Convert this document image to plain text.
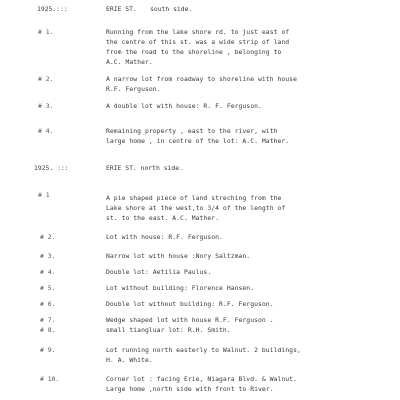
1925.:::	ERIE ST. south side.
# 1.	Running from the lake shore rd. to just east of
the centre of this st. was a wide strip of land
from the road to the shoreline , belonging to
A.C. Mather.
# 2.	A narrow lot from roadway to shoreline with house
R.F. Ferguson.
# 3.	A double lot with house: R. F. Ferguson.
# 4.	Remaining property , east to the river, with
large home , in centre of the lot: A.C. Mather.
1925. :::	ERIE ST. north side.
# 1	A pie shaped piece of land streching from the
Lake shore at the west,to 3/4 of the length of
st. to the east. A.C. Mather.
# 2.	Lot with house: R.F. Ferguson.
# 3.	Narrow lot with house :Nory Saltzman.
# 4.	Double lot: Aetilia Paulus.
# 5.	Lot without building: Florence Hansen.
# 6.	Double lot without building: R.F. Ferguson.
# 7.	Wedge shaped lot with house R.F. Ferguson .
# 8.	small tiangluar lot: R.H. Smith.
# 9.	Lot running north easterly to Walnut. 2 buildings,
H. A. White.
# 10.	Corner lot : facing Erie, Niagara Blvd. & Walnut.
Large home ,north side with front to River.
